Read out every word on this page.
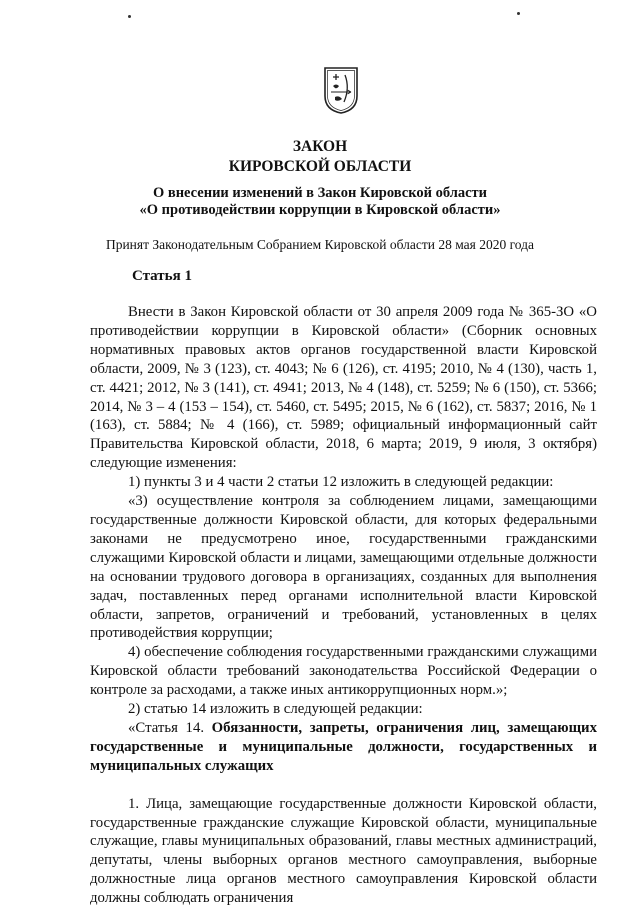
ЗАКОН
КИРОВСКОЙ ОБЛАСТИ
О внесении изменений в Закон Кировской области
«О противодействии коррупции в Кировской области»
Принят Законодательным Собранием Кировской области 28 мая 2020 года
Статья 1

Внести в Закон Кировской области от 30 апреля 2009 года № 365-ЗО «О противодействии коррупции в Кировской области» (Сборник основных нормативных правовых актов органов государственной власти Кировской области, 2009, № 3 (123), ст. 4043; № 6 (126), ст. 4195; 2010, № 4 (130), часть 1, ст. 4421; 2012, № 3 (141), ст. 4941; 2013, № 4 (148), ст. 5259; № 6 (150), ст. 5366; 2014, № 3 – 4 (153 – 154), ст. 5460, ст. 5495; 2015, № 6 (162), ст. 5837; 2016, № 1 (163), ст. 5884; № 4 (166), ст. 5989; официальный информационный сайт Правительства Кировской области, 2018, 6 марта; 2019, 9 июля, 3 октября) следующие изменения:

1) пункты 3 и 4 части 2 статьи 12 изложить в следующей редакции:

«3) осуществление контроля за соблюдением лицами, замещающими государственные должности Кировской области, для которых федеральными законами не предусмотрено иное, государственными гражданскими служащими Кировской области и лицами, замещающими отдельные должности на основании трудового договора в организациях, созданных для выполнения задач, поставленных перед органами исполнительной власти Кировской области, запретов, ограничений и требований, установленных в целях противодействия коррупции;

4) обеспечение соблюдения государственными гражданскими служащими Кировской области требований законодательства Российской Федерации о контроле за расходами, а также иных антикоррупционных норм.»;

2) статью 14 изложить в следующей редакции:

«Статья 14. Обязанности, запреты, ограничения лиц, замещающих государственные и муниципальные должности, государственных и муниципальных служащих

1. Лица, замещающие государственные должности Кировской области, государственные гражданские служащие Кировской области, муниципальные служащие, главы муниципальных образований, главы местных администраций, депутаты, члены выборных органов местного самоуправления, выборные должностные лица органов местного самоуправления Кировской области должны соблюдать ограничения
